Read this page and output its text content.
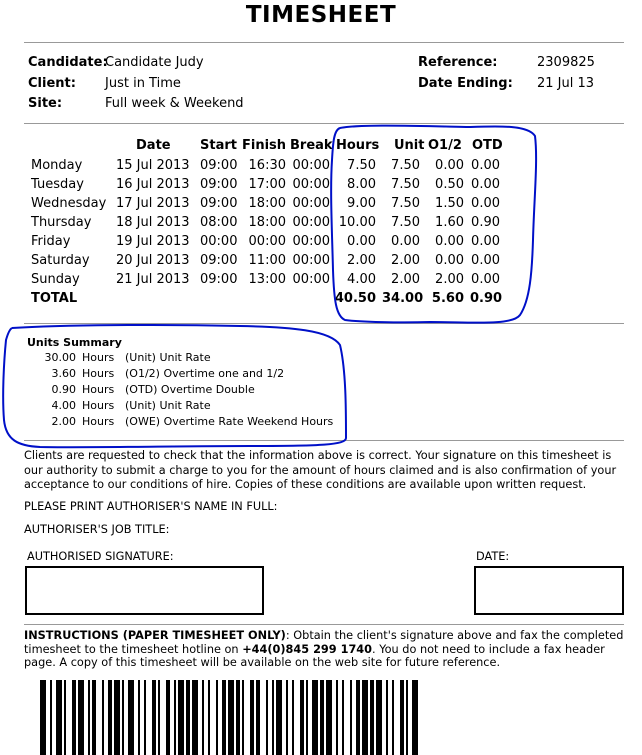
TIMESHEET
Candidate:
Candidate Judy
Client: Just in Time
Site:	Full week & Weekend
Reference:	2309825
Date Ending: 21 Jul 13
Date Start Finish Break Hours Unit O1/2 OTD
Monday	15 Jul 2013 09:00 16:30 00:00	7.50	7.50	0.00 0.00
Tuesday 16 Jul 2013 09:00 17:00 00:00	8.00	7.50	0.50 0.00
Wednesday 17 Jul 2013 09:00 18:00 00:00	9.00	7.50	1.50 0.00
Thursday 18 Jul 2013 08:00 18:00 00:00 10.00	7.50	1.60 0.90
Friday	19 Jul 2013 00:00 00:00 00:00	0.00	0.00	0.00 0.00
Saturday 20 Jul 2013 09:00 11:00 00:00	2.00	2.00	0.00 0.00
Sunday	21 Jul 2013 09:00 13:00 00:00	4.00	2.00	2.00 0.00
TOTAL	40.50 34.00 5.60 0.90
Units Summary
30.00 Hours (Unit) Unit Rate
3.60 Hours (O1/2) Overtime one and 1/2
0.90 Hours (OTD) Overtime Double
4.00 Hours (Unit) Unit Rate
2.00 Hours (OWE) Overtime Rate Weekend Hours
Clients are requested to check that the information above is correct. Your signature on this timesheet is our authority to submit a charge to you for the amount of hours claimed and is also confirmation of your acceptance to our conditions of hire. Copies of these conditions are available upon written request.
PLEASE PRINT AUTHORISER'S NAME IN FULL:
AUTHORISER'S JOB TITLE:
AUTHORISED SIGNATURE:	DATE:
INSTRUCTIONS (PAPER TIMESHEET ONLY): Obtain the client's signature above and fax the completed timesheet to the timesheet hotline on +44(0)845 299 1740. You do not need to include a fax header page. A copy of this timesheet will be available on the web site for future reference.
